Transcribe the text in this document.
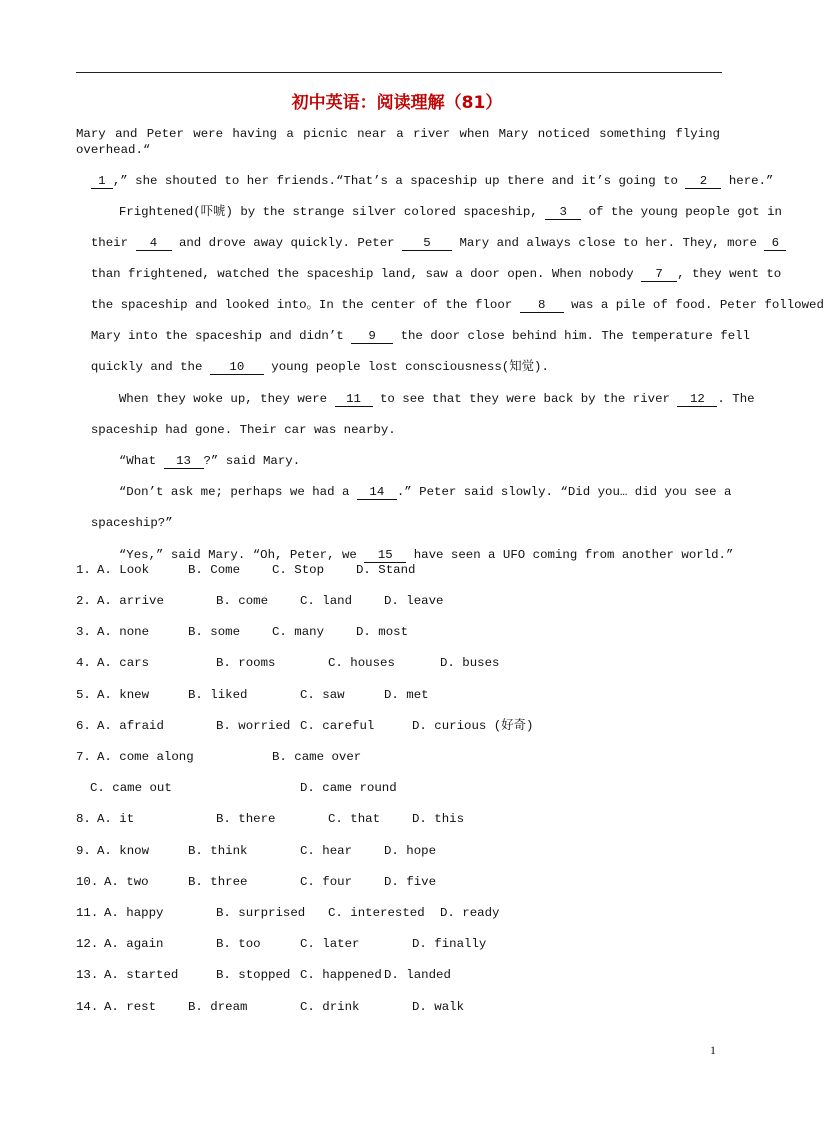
初中英语：阅读理解（81）
Mary and Peter were having a picnic near a river when Mary noticed something flying overhead.“

1 ,” she shouted to her friends.“That’s a spaceship up there and it’s going to 2 here.”

Frightened(吓唬) by the strange silver colored spaceship, 3 of the young people got in

their 4 and drove away quickly. Peter 5 Mary and always close to her. They, more 6

than frightened, watched the spaceship land, saw a door open. When nobody 7 , they went to

the spaceship and looked into。In the center of the floor 8 was a pile of food. Peter followed

Mary into the spaceship and didn’t 9 the door close behind him. The temperature fell

quickly and the 10 young people lost consciousness(知觉).

When they woke up, they were 11 to see that they were back by the river 12 . The

spaceship had gone. Their car was nearby.

“What 13 ?” said Mary.

“Don’t ask me; perhaps we had a 14 .” Peter said slowly. “Did you… did you see a

spaceship?”

“Yes,” said Mary. “Oh, Peter, we 15 have seen a UFO coming from another world.”

1. A. Look	B. Come	C. Stop	D. Stand
2. A. arrive	B. come	C. land	D. leave
3. A. none	B. some	C. many	D. most
4. A. cars	B. rooms	C. houses	D. buses
5. A. knew	B. liked	C. saw	D. met
6. A. afraid	B. worried C. careful	D. curious (好奇)
7. A. come along	B. came over
C. came out	D. came round
8. A. it	B. there	C. that	D. this
9. A. know	B. think	C. hear	D. hope
10. A. two	B. three	C. four	D. five
11. A. happy	B. surprised C. interested D. ready
12. A. again	B. too	C. later	D. finally
13. A. started	B. stopped C. happened D. landed
14. A. rest	B. dream	C. drink	D. walk
1
